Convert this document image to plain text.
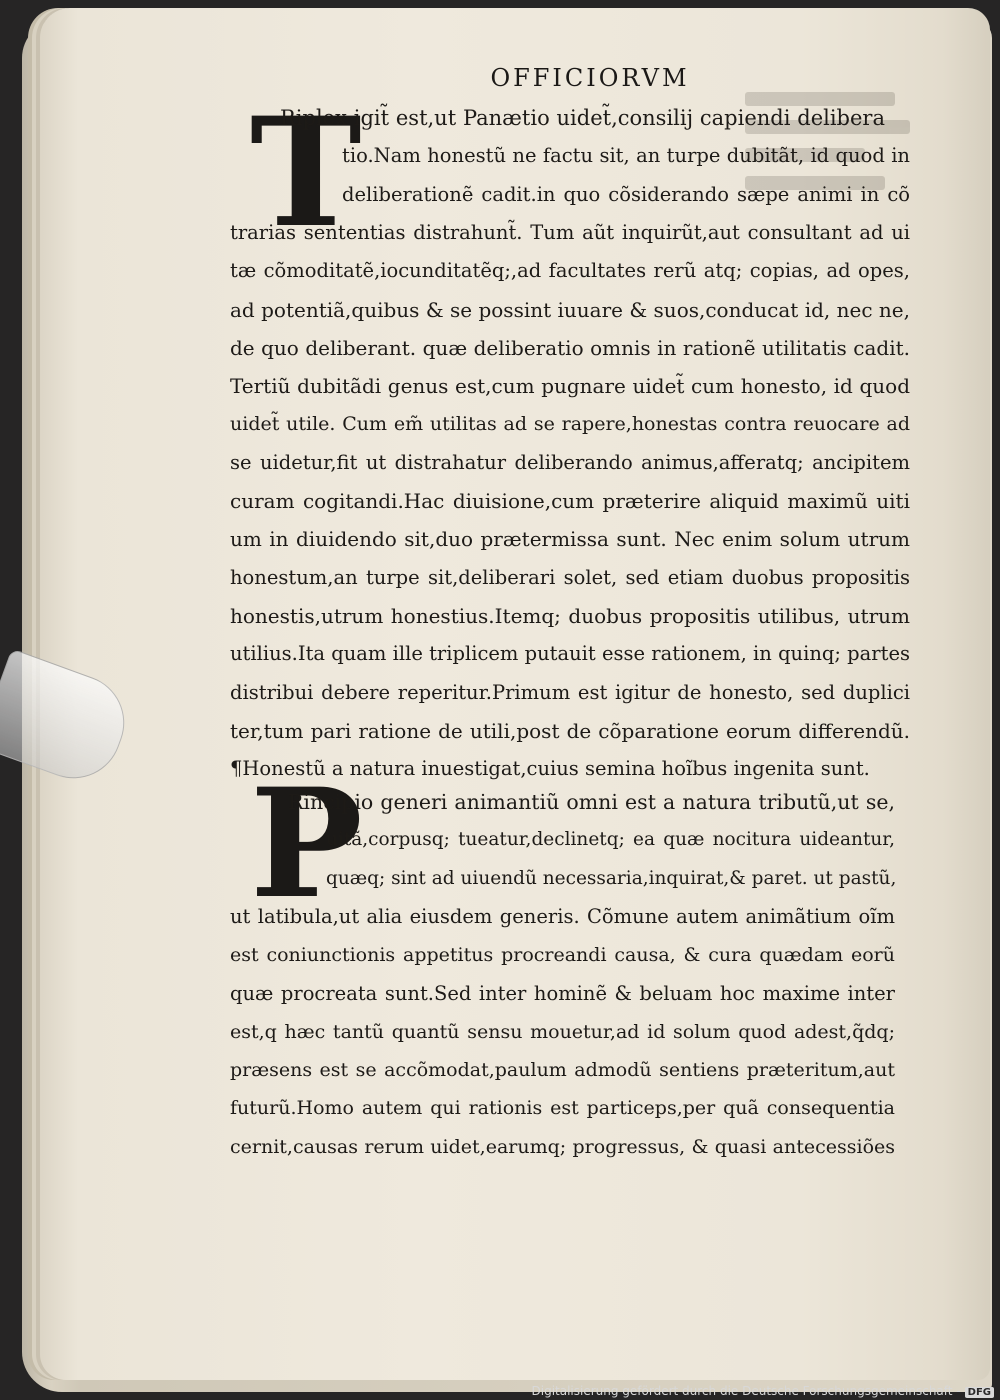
OFFICIORVM
T
P
Riplex igit̃ est,ut Panætio uidet̃,consilij capiendi delibera
tio.Nam honestũ ne factu sit, an turpe dubitãt, id quod in
deliberationẽ cadit.in quo cõsiderando sæpe animi in cõ
trarias sententias distrahunt̃. Tum aũt inquirũt,aut consultant ad ui
tæ cõmoditatẽ,iocunditatẽq;,ad facultates rerũ atq; copias, ad opes,
ad potentiã,quibus & se possint iuuare & suos,conducat id, nec ne,
de quo deliberant. quæ deliberatio omnis in rationẽ utilitatis cadit.
Tertiũ dubitãdi genus est,cum pugnare uidet̃ cum honesto, id quod
uidet̃ utile. Cum em̃ utilitas ad se rapere,honestas contra reuocare ad
se uidetur,fit ut distrahatur deliberando animus,afferatq; ancipitem
curam cogitandi.Hac diuisione,cum præterire aliquid maximũ uiti
um in diuidendo sit,duo prætermissa sunt. Nec enim solum utrum
honestum,an turpe sit,deliberari solet, sed etiam duobus propositis
honestis,utrum honestius.Itemq; duobus propositis utilibus, utrum
utilius.Ita quam ille triplicem putauit esse rationem, in quinq; partes
distribui debere reperitur.Primum est igitur de honesto, sed duplici
ter,tum pari ratione de utili,post de cõparatione eorum differendũ.
¶Honestũ a natura inuestigat,cuius semina hoĩbus ingenita sunt.
Rincipio generi animantiũ omni est a natura tributũ,ut se,
uitã,corpusq; tueatur,declinetq; ea quæ nocitura uideantur,
quæq; sint ad uiuendũ necessaria,inquirat,& paret. ut pastũ,
ut latibula,ut alia eiusdem generis. Cõmune autem animãtium oĩm
est coniunctionis appetitus procreandi causa, & cura quædam eorũ
quæ procreata sunt.Sed inter hominẽ & beluam hoc maxime inter
est,q hæc tantũ quantũ sensu mouetur,ad id solum quod adest,q̃dq;
præsens est se accõmodat,paulum admodũ sentiens præteritum,aut
futurũ.Homo autem qui rationis est particeps,per quã consequentia
cernit,causas rerum uidet,earumq; progressus, & quasi antecessiões
Digitalisierung gefördert durch die Deutsche Forschungsgemeinschaft - DFG
